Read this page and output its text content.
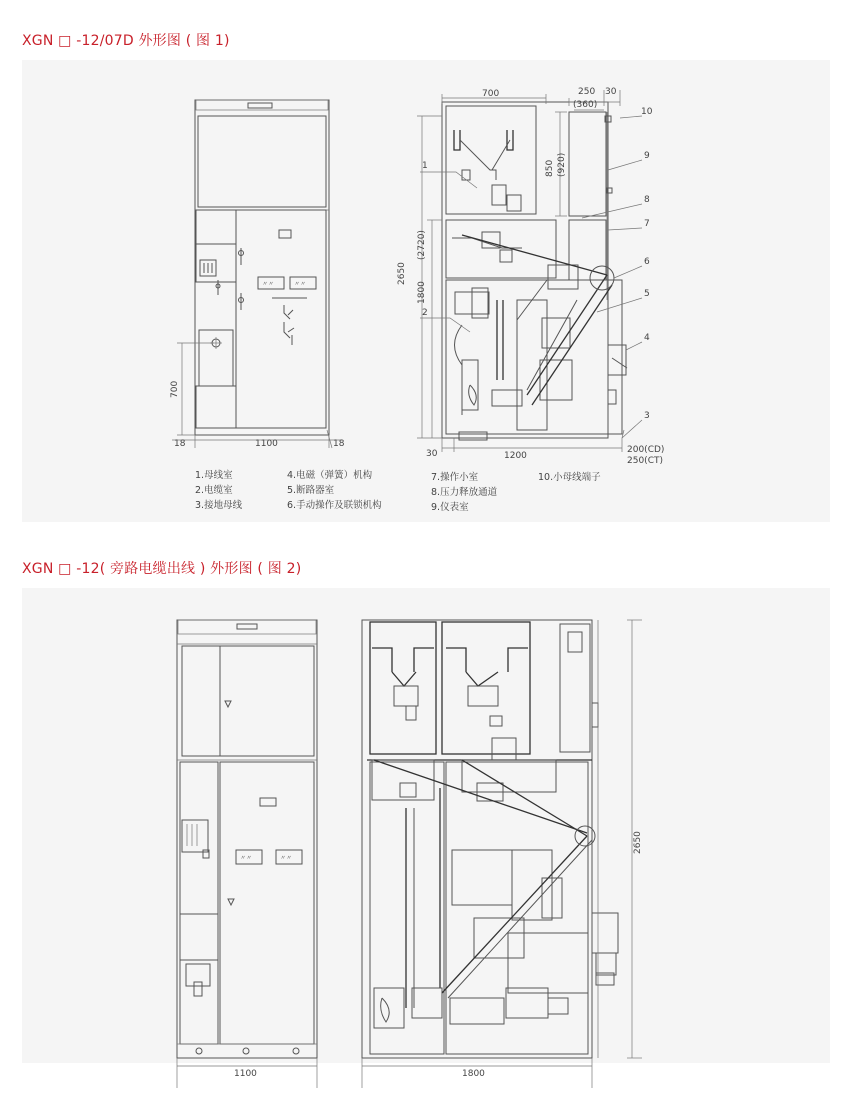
XGN □ -12/07D 外形图 ( 图 1)
〃〃	〃〃
1100
18	18
700
700	250
(360)
30
850 (920)
(2720)
2650
1800
30	1200
200(CD)
250(CT)
1
2
3
4
5
6
7
8
9
10
1.母线室
2.电缆室
3.接地母线
4.电磁（弹簧）机构
5.断路器室
6.手动操作及联锁机构
7.操作小室
8.压力释放通道
9.仪表室
10.小母线端子
XGN □ -12( 旁路电缆出线 ) 外形图 ( 图 2)
〃〃	〃〃
1100	1800
2650
